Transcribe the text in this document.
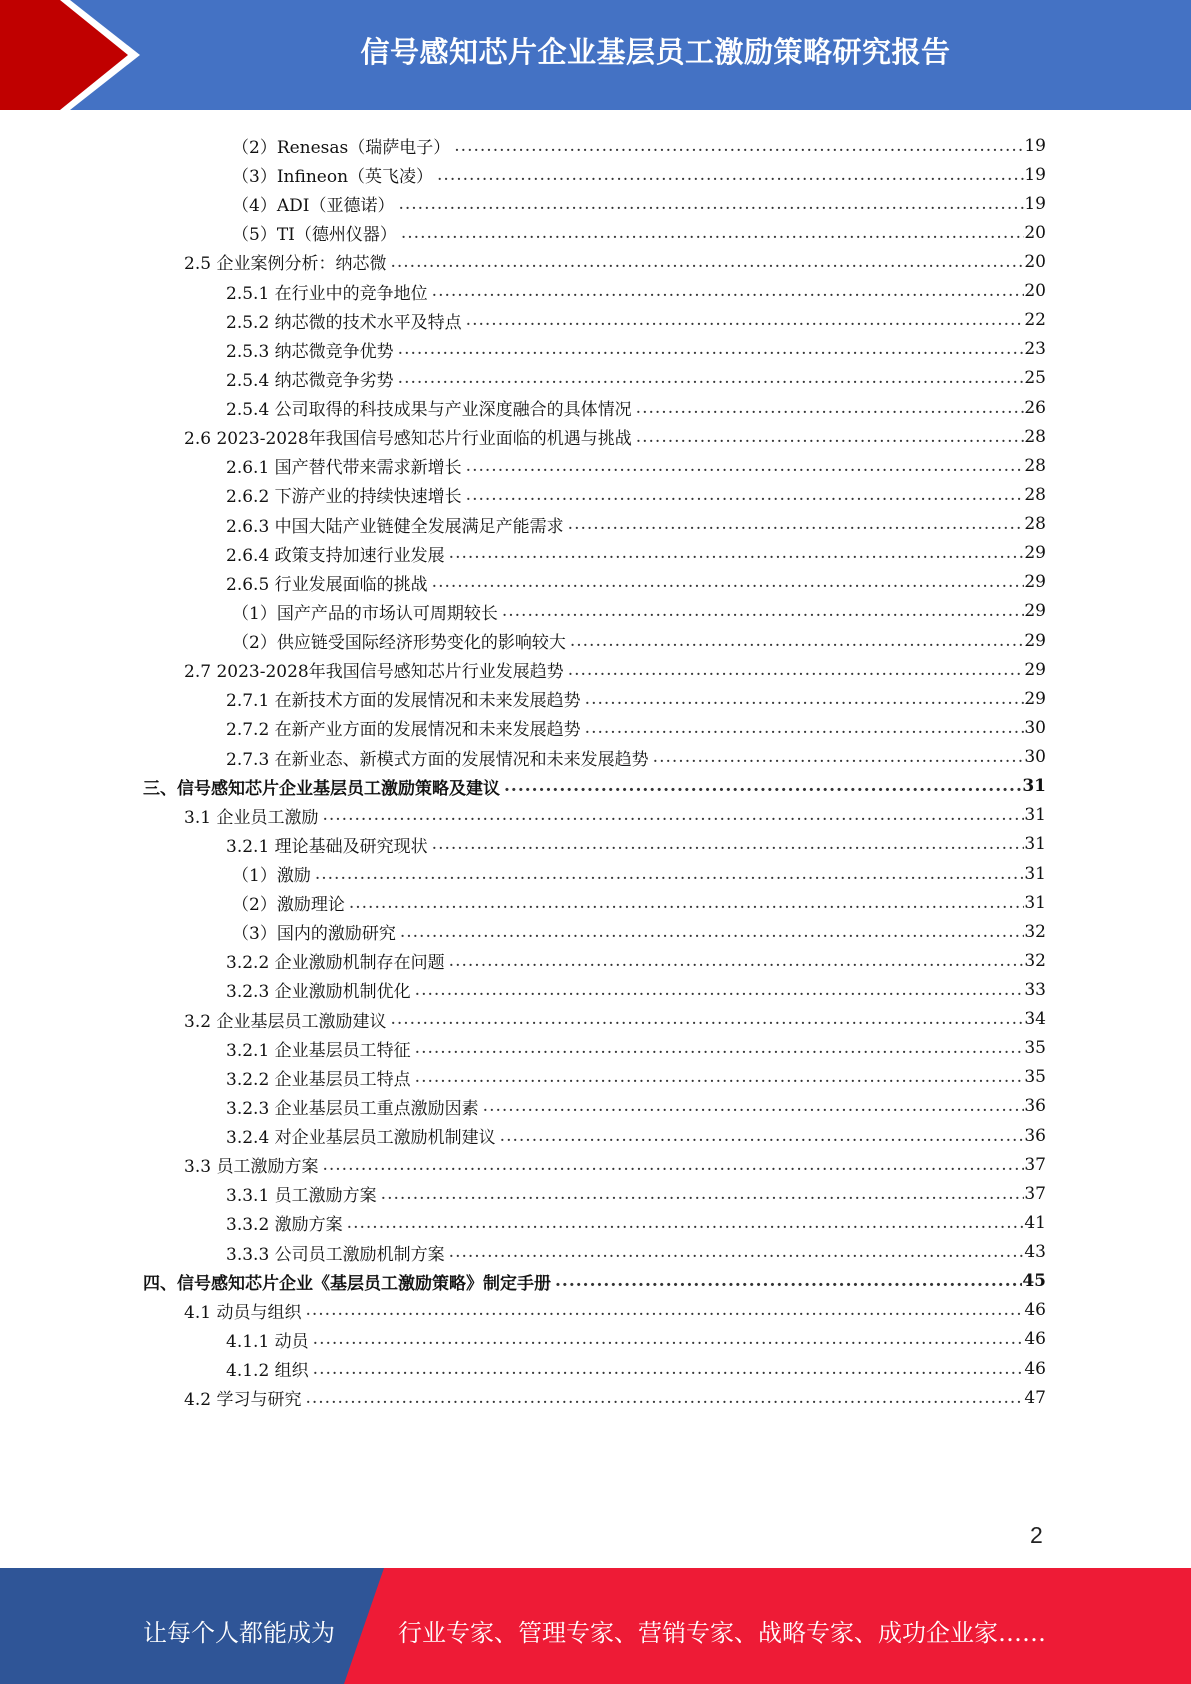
信号感知芯片企业基层员工激励策略研究报告
（2）Renesas（瑞萨电子） .....	19
（3）Infineon（英飞凌） .....	19
（4）ADI（亚德诺） .....	19
（5）TI（德州仪器） .....	20
2.5 企业案例分析：纳芯微 .....	20
2.5.1 在行业中的竞争地位 .....	20
2.5.2 纳芯微的技术水平及特点 .....	22
2.5.3 纳芯微竞争优势 .....	23
2.5.4 纳芯微竞争劣势 .....	25
2.5.4 公司取得的科技成果与产业深度融合的具体情况 .....	26
2.6 2023-2028年我国信号感知芯片行业面临的机遇与挑战 .....	28
2.6.1 国产替代带来需求新增长 .....	28
2.6.2 下游产业的持续快速增长 .....	28
2.6.3 中国大陆产业链健全发展满足产能需求 .....	28
2.6.4 政策支持加速行业发展 .....	29
2.6.5 行业发展面临的挑战 .....	29
（1）国产产品的市场认可周期较长 .....	29
（2）供应链受国际经济形势变化的影响较大 .....	29
2.7 2023-2028年我国信号感知芯片行业发展趋势 .....	29
2.7.1 在新技术方面的发展情况和未来发展趋势 .....	29
2.7.2 在新产业方面的发展情况和未来发展趋势 .....	30
2.7.3 在新业态、新模式方面的发展情况和未来发展趋势 .....	30
三、信号感知芯片企业基层员工激励策略及建议 .....	31
3.1 企业员工激励 .....	31
3.2.1 理论基础及研究现状 .....	31
（1）激励 .....	31
（2）激励理论 .....	31
（3）国内的激励研究 .....	32
3.2.2 企业激励机制存在问题 .....	32
3.2.3 企业激励机制优化 .....	33
3.2 企业基层员工激励建议 .....	34
3.2.1 企业基层员工特征 .....	35
3.2.2 企业基层员工特点 .....	35
3.2.3 企业基层员工重点激励因素 .....	36
3.2.4 对企业基层员工激励机制建议 .....	36
3.3 员工激励方案 .....	37
3.3.1 员工激励方案 .....	37
3.3.2 激励方案 .....	41
3.3.3 公司员工激励机制方案 .....	43
四、信号感知芯片企业《基层员工激励策略》制定手册 .....	45
4.1 动员与组织 .....	46
4.1.1 动员 .....	46
4.1.2 组织 .....	46
4.2 学习与研究 .....	47
2
让每个人都能成为	行业专家、管理专家、营销专家、战略专家、成功企业家……
